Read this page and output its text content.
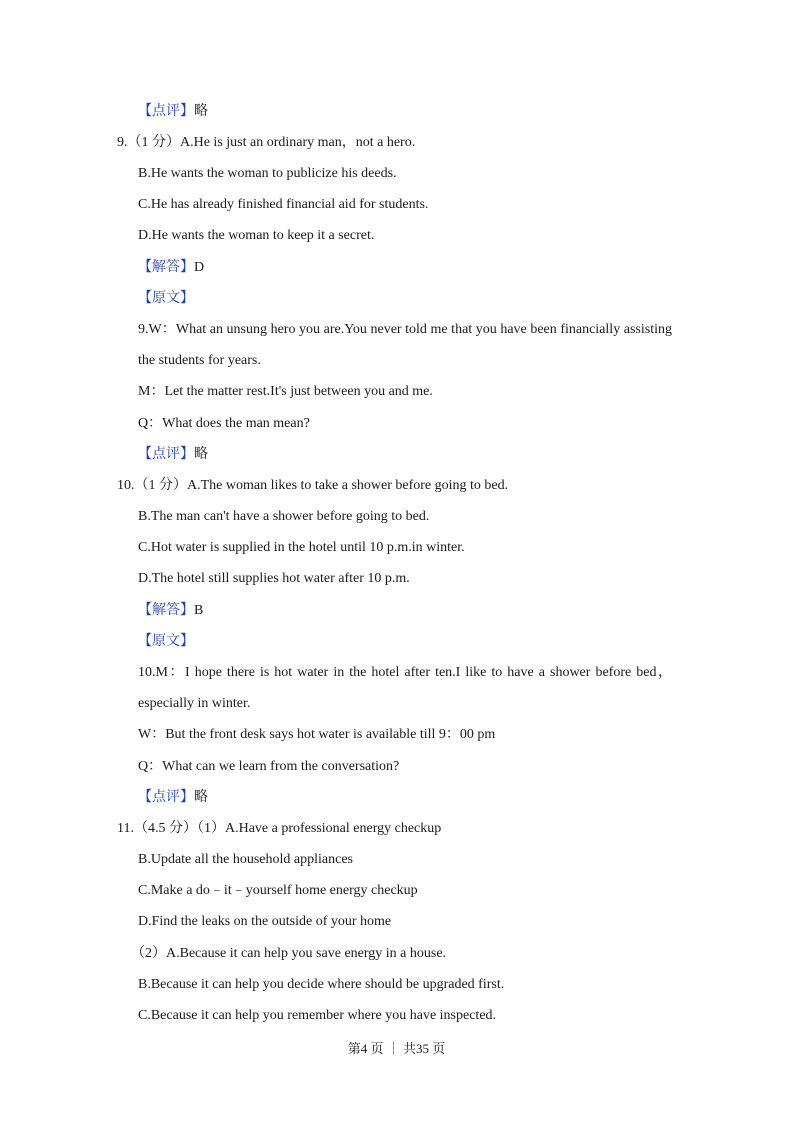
【点评】略
9.（1 分）A.He is just an ordinary man，not a hero.
B.He wants the woman to publicize his deeds.
C.He has already finished financial aid for students.
D.He wants the woman to keep it a secret.
【解答】D
【原文】
9.W：What an unsung hero you are.You never told me that you have been financially assisting
the students for years.
M：Let the matter rest.It's just between you and me.
Q：What does the man mean?
【点评】略
10.（1 分）A.The woman likes to take a shower before going to bed.
B.The man can't have a shower before going to bed.
C.Hot water is supplied in the hotel until 10 p.m.in winter.
D.The hotel still supplies hot water after 10 p.m.
【解答】B
【原文】
10.M：I hope there is hot water in the hotel after ten.I like to have a shower before bed，
especially in winter.
W：But the front desk says hot water is available till 9：00 pm
Q：What can we learn from the conversation?
【点评】略
11.（4.5 分）（1）A.Have a professional energy checkup
B.Update all the household appliances
C.Make a do﹣it﹣yourself home energy checkup
D.Find the leaks on the outside of your home
（2）A.Because it can help you save energy in a house.
B.Because it can help you decide where should be upgraded first.
C.Because it can help you remember where you have inspected.
第4 页 ｜ 共35 页
